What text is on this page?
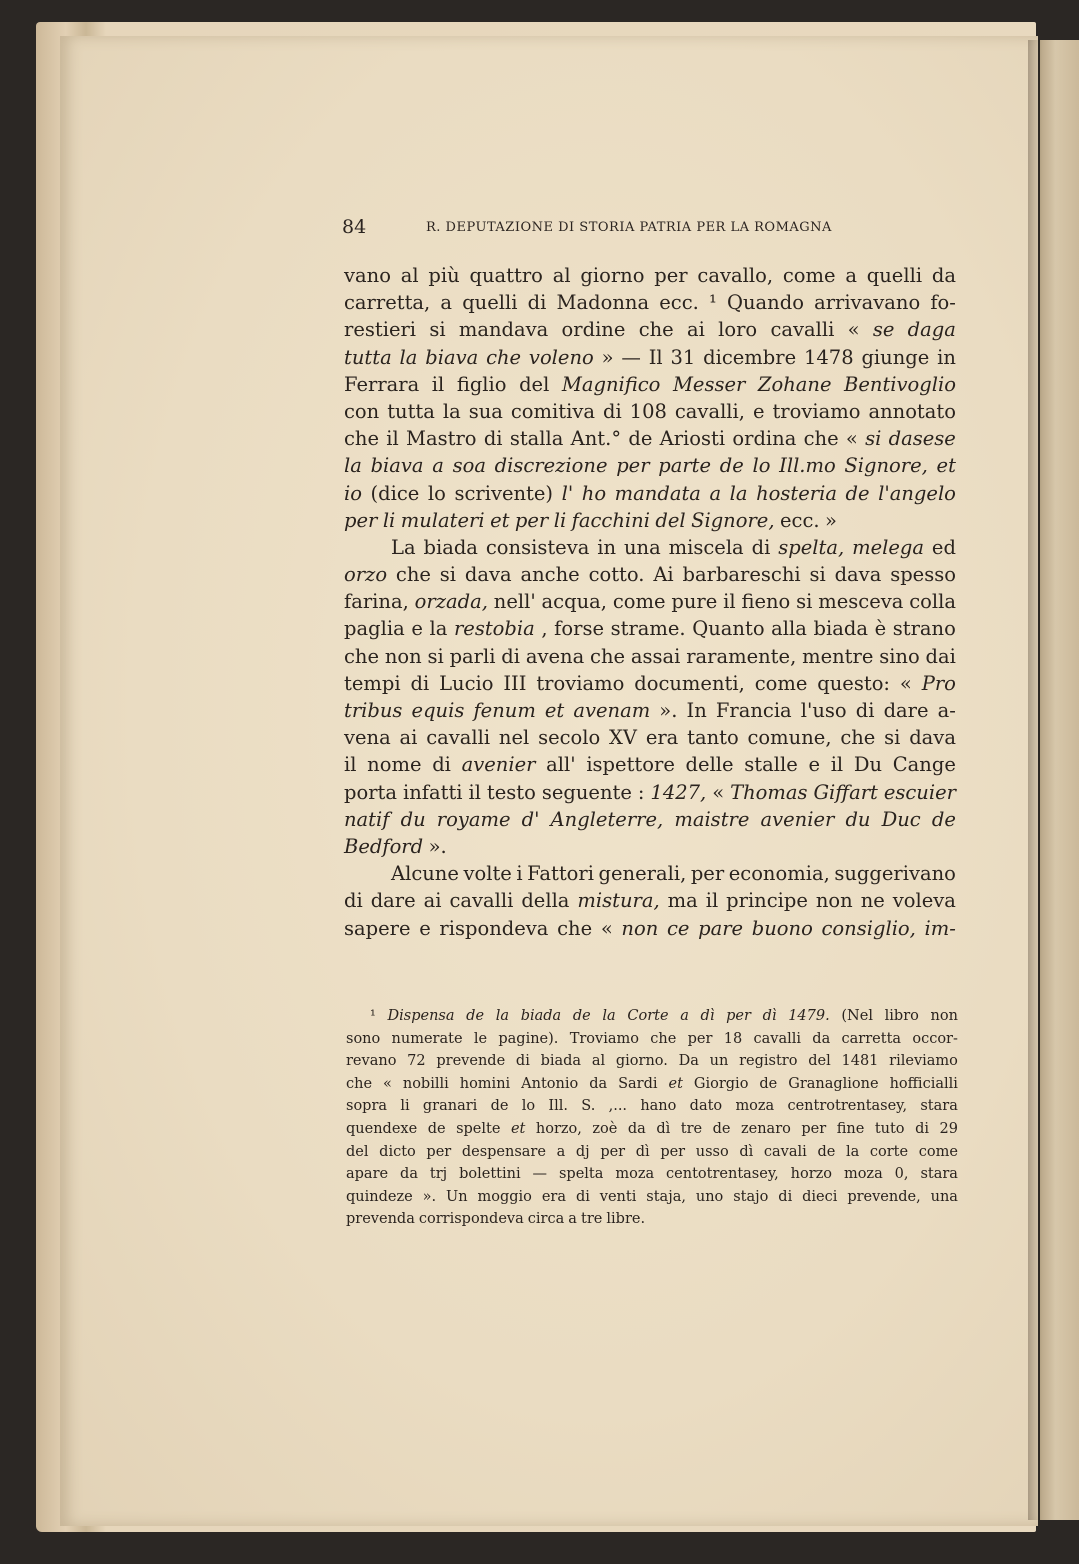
84	R. DEPUTAZIONE DI STORIA PATRIA PER LA ROMAGNA
vano al più quattro al giorno per cavallo, come a quelli da
carretta, a quelli di Madonna ecc. ¹ Quando arrivavano fo-
restieri si mandava ordine che ai loro cavalli « se daga
tutta la biava che voleno » — Il 31 dicembre 1478 giunge in
Ferrara il figlio del Magnifico Messer Zohane Bentivoglio
con tutta la sua comitiva di 108 cavalli, e troviamo annotato
che il Mastro di stalla Ant.° de Ariosti ordina che « si dasese
la biava a soa discrezione per parte de lo Ill.mo Signore, et
io (dice lo scrivente) l' ho mandata a la hosteria de l'angelo
per li mulateri et per li facchini del Signore, ecc. »
La biada consisteva in una miscela di spelta, melega ed
orzo che si dava anche cotto. Ai barbareschi si dava spesso
farina, orzada, nell' acqua, come pure il fieno si mesceva colla
paglia e la restobia , forse strame. Quanto alla biada è strano
che non si parli di avena che assai raramente, mentre sino dai
tempi di Lucio III troviamo documenti, come questo: « Pro
tribus equis fenum et avenam ». In Francia l'uso di dare a-
vena ai cavalli nel secolo XV era tanto comune, che si dava
il nome di avenier all' ispettore delle stalle e il Du Cange
porta infatti il testo seguente : 1427, « Thomas Giffart escuier
natif du royame d' Angleterre, maistre avenier du Duc de
Bedford ».
Alcune volte i Fattori generali, per economia, suggerivano
di dare ai cavalli della mistura, ma il principe non ne voleva
sapere e rispondeva che « non ce pare buono consiglio, im-
¹ Dispensa de la biada de la Corte a dì per dì 1479. (Nel libro non
sono numerate le pagine). Troviamo che per 18 cavalli da carretta occor-
revano 72 prevende di biada al giorno. Da un registro del 1481 rileviamo
che « nobilli homini Antonio da Sardi et Giorgio de Granaglione hofficialli
sopra li granari de lo Ill. S. ,... hano dato moza centrotrentasey, stara
quendexe de spelte et horzo, zoè da dì tre de zenaro per fine tuto di 29
del dicto per despensare a dj per dì per usso dì cavali de la corte come
apare da trj bolettini — spelta moza centotrentasey, horzo moza 0, stara
quindeze ». Un moggio era di venti staja, uno stajo di dieci prevende, una
prevenda corrispondeva circa a tre libre.
